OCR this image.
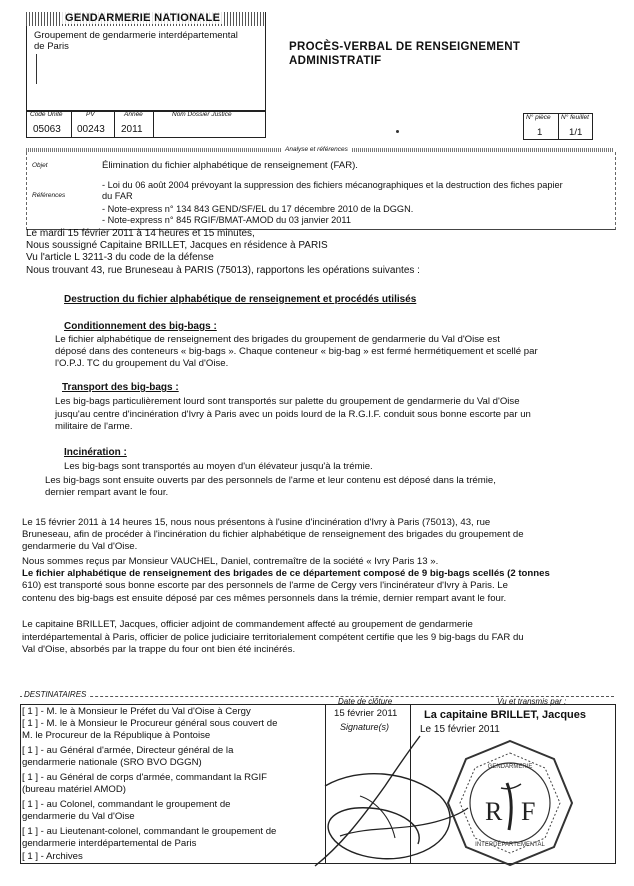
GENDARMERIE NATIONALE
Groupement de gendarmerie interdépartemental
de Paris	PROCÈS-VERBAL DE RENSEIGNEMENT
ADMINISTRATIF
Code Unité	PV	Année	Nom Dossier Justice
05063 00243 2011
N° pièce N° feuillet
1	1/1
Analyse et références
Objet	Élimination du fichier alphabétique de renseignement (FAR).
Références
- Loi du 06 août 2004 prévoyant la suppression des fichiers mécanographiques et la destruction des fiches papier
du FAR
- Note-express n° 134 843 GEND/SF/EL du 17 décembre 2010 de la DGGN.
- Note-express n° 845 RGIF/BMAT-AMOD du 03 janvier 2011
Le mardi 15 février 2011 à 14 heures et 15 minutes,
Nous soussigné Capitaine BRILLET, Jacques en résidence à PARIS
Vu l'article L 3211-3 du code de la défense
Nous trouvant 43, rue Bruneseau à PARIS (75013), rapportons les opérations suivantes :
Destruction du fichier alphabétique de renseignement et procédés utilisés
Conditionnement des big-bags :
Le fichier alphabétique de renseignement des brigades du groupement de gendarmerie du Val d'Oise est
déposé dans des conteneurs « big-bags ». Chaque conteneur « big-bag » est fermé hermétiquement et scellé par
l'O.P.J. TC du groupement du Val d'Oise.
Transport des big-bags :
Les big-bags particulièrement lourd sont transportés sur palette du groupement de gendarmerie du Val d'Oise
jusqu'au centre d'incinération d'Ivry à Paris avec un poids lourd de la R.G.I.F. conduit sous bonne escorte par un
militaire de l'arme.
Incinération :
Les big-bags sont transportés au moyen d'un élévateur jusqu'à la trémie.
Les big-bags sont ensuite ouverts par des personnels de l'arme et leur contenu est déposé dans la trémie,
dernier rempart avant le four.
Le 15 février 2011 à 14 heures 15, nous nous présentons à l'usine d'incinération d'Ivry à Paris (75013), 43, rue
Bruneseau, afin de procéder à l'incinération du fichier alphabétique de renseignement des brigades du groupement de
gendarmerie du Val d'Oise.
Nous sommes reçus par Monsieur VAUCHEL, Daniel, contremaître de la société « Ivry Paris 13 ».
Le fichier alphabétique de renseignement des brigades de ce département composé de 9 big-bags scellés (2 tonnes
610) est transporté sous bonne escorte par des personnels de l'arme de Cergy vers l'incinérateur d'Ivry à Paris. Le
contenu des big-bags est ensuite déposé par ces mêmes personnels dans la trémie, dernier rempart avant le four.
Le capitaine BRILLET, Jacques, officier adjoint de commandement affecté au groupement de gendarmerie
interdépartemental à Paris, officier de police judiciaire territorialement compétent certifie que les 9 big-bags du FAR du
Val d'Oise, absorbés par la trappe du four ont bien été incinérés.
DESTINATAIRES
Date de clôture	Vu et transmis par :
[ 1 ] - M. le à Monsieur le Préfet du Val d'Oise à Cergy
[ 1 ] - M. le à Monsieur le Procureur général sous couvert de
M. le Procureur de la République à Pontoise
[ 1 ] - au Général d'armée, Directeur général de la
gendarmerie nationale (SRO BVO DGGN)
[ 1 ] - au Général de corps d'armée, commandant la RGIF
(bureau matériel AMOD)
[ 1 ] - au Colonel, commandant le groupement de
gendarmerie du Val d'Oise
[ 1 ] - au Lieutenant-colonel, commandant le groupement de
gendarmerie interdépartemental de Paris
[ 1 ] - Archives
15 février 2011
Signature(s)
La capitaine BRILLET, Jacques
Le 15 février 2011
GENDARMERIE
INTERDÉPARTEMENTAL
R F
